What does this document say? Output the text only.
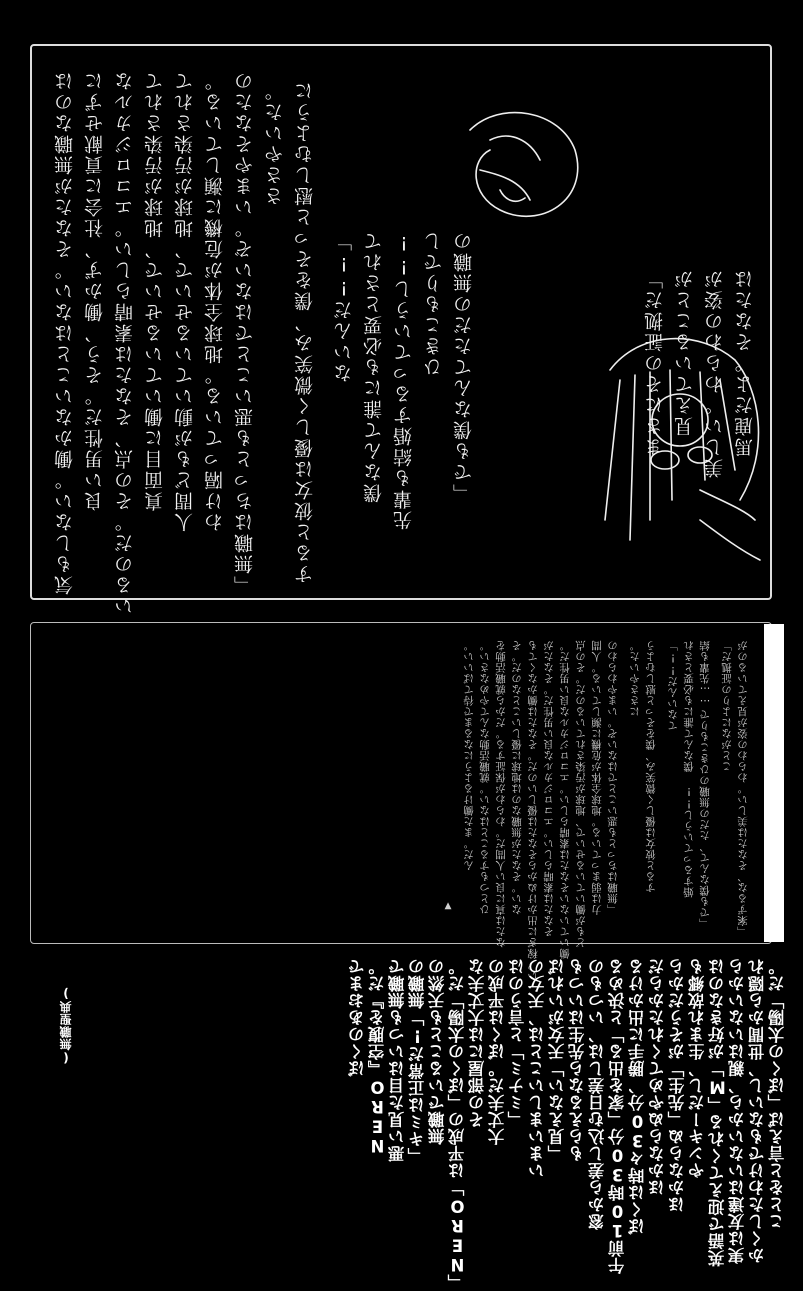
馬鹿だよ。そなたは
美しい。わらわの姿が
見えていることが
まさにその証拠だ」
「でも僕なんてただの無職の
ひきこもりでし
先輩も結婚するっていうし!!
僕なんて誰にも必要とされて
ないんだ!!」
すると彼女は優しく微笑み、僕をそっと慰しむように
ささやいた。
「無職はちっとも悪いことではないぞ。いまやそなたの
わけ隔っている。地球全体が危機に瀕している。
人間どもが動いているせいで、地球が汚染されて
真面目に働いているせいで、地球が汚染されて
いるのだ。その点、そなたは素晴らしい。エコロジカルな
良い男性だ。そう、働かず、社会に貢献せずに
気もしない。働かないことはない。そなたが無職なのは
「案ずるな、そなたは美しい。わらわの姿が見えているのが
ことがなによりの証拠だ」
「でも僕なんて、ただの無職のひきこもりで……先輩も結
婚するっていうし!! 僕なんて誰にも必要とされ
てないんだ!!」
すると彼女は優しく微笑み、僕をそっと慰しむよう
にささやいた。
「無職はちっとも悪いことではないぞ。いまやわらわの
力は弱まっている。地球全体が危機に瀕している。人間
どもが働いているせいで、地球が汚染されているのだ。その点
働いていないそなたは素晴らしい。エコロジカルな良い男性だ。
そなたは素晴らしい。エコロジカルな良い男性だ。そなたが
い。稼ぎに出かけぬからそなたは優しいのだ。そなたは働かなくても
ない。そなたが無職なのは地球に優しいことなのだ。そ
なたは真に良い人間だ。わらわが保証する。だから就職活動を
ひとつもすることはない。就職活動なんてやめなさい。
んだ。また働けるようになるまで待てばいい。
▼
ことをと言えば「ぼくの太陽」だ。
かくしたわけでもないし、世間から隠れ
実は友達はいないから、親はいないから
英語で迎えてくれる「M」が好きなのは
やンキーだし、生まれ故郷も
ほかならぬ「先生」がそうだから
ほかならぬやめてくれたからだ
ぼくは時々30分、勝手に出かける
午前10時30分「家を出る」と決める
窓から差し込む日差しは、いつもの
もらえるなら先生はいつも
「見えない」天女がいれば
いまいましいことは、天女の
「ミナミ」と言うのは
大丈夫だ。ぼくは平成の
その部屋には大丈夫な
「NERO」は平成の「ぼくの太陽」だ。
無職でいることも天然の
「キミは正常だ!」無職の
悪い見た目はいつも無職で
NERO『空腹を』だ。
ぼくのあおまで
(無職聖典)
